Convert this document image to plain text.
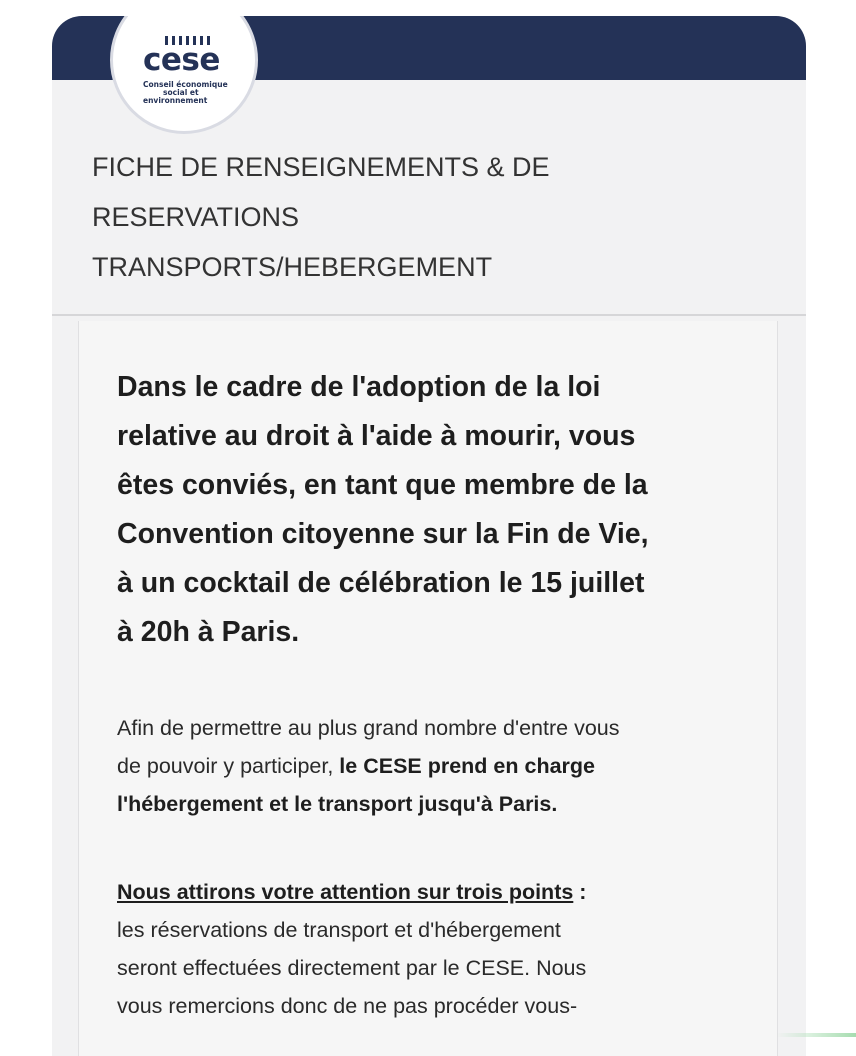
cese
Conseil économique
social et
environnement
FICHE DE RENSEIGNEMENTS & DE
RESERVATIONS
TRANSPORTS/HEBERGEMENT
Dans le cadre de l'adoption de la loi
relative au droit à l'aide à mourir, vous
êtes conviés, en tant que membre de la
Convention citoyenne sur la Fin de Vie,
à un cocktail de célébration le 15 juillet
à 20h à Paris.
Afin de permettre au plus grand nombre d'entre vous
de pouvoir y participer, le CESE prend en charge
l'hébergement et le transport jusqu'à Paris.
Nous attirons votre attention sur trois points :
les réservations de transport et d'hébergement
seront effectuées directement par le CESE. Nous
vous remercions donc de ne pas procéder vous-
